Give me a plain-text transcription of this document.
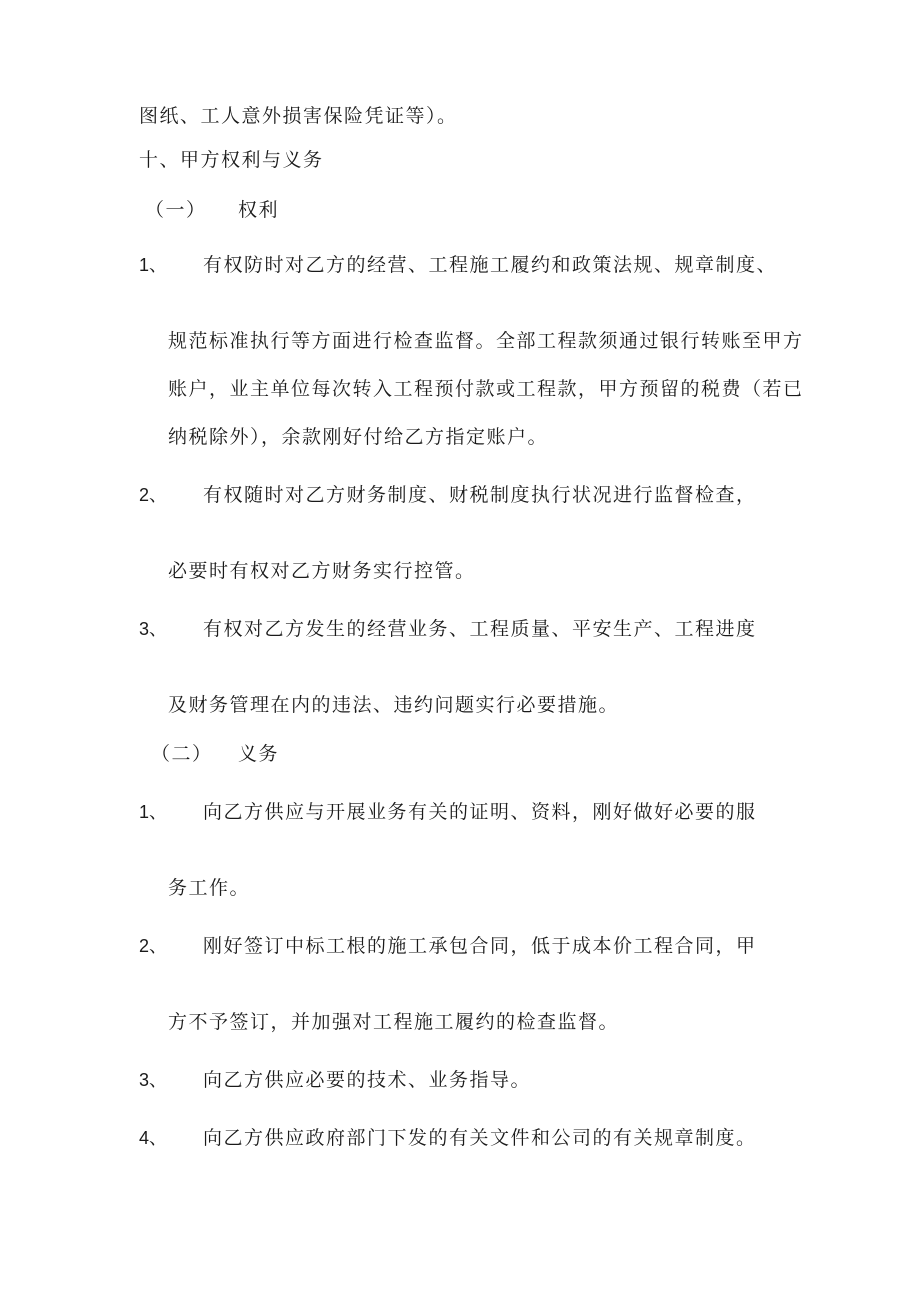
图纸、工人意外损害保险凭证等）。
十、甲方权利与义务
（一） 权利
1、 有权防时对乙方的经营、工程施工履约和政策法规、规章制度、
规范标准执行等方面进行检查监督。全部工程款须通过银行转账至甲方
账户，业主单位每次转入工程预付款或工程款，甲方预留的税费（若已
纳税除外），余款刚好付给乙方指定账户。
2、 有权随时对乙方财务制度、财税制度执行状况进行监督检查，
必要时有权对乙方财务实行控管。
3、 有权对乙方发生的经营业务、工程质量、平安生产、工程进度
及财务管理在内的违法、违约问题实行必要措施。
（二） 义务
1、 向乙方供应与开展业务有关的证明、资料，刚好做好必要的服
务工作。
2、 刚好签订中标工根的施工承包合同，低于成本价工程合同，甲
方不予签订，并加强对工程施工履约的检查监督。
3、 向乙方供应必要的技术、业务指导。
4、 向乙方供应政府部门下发的有关文件和公司的有关规章制度。
